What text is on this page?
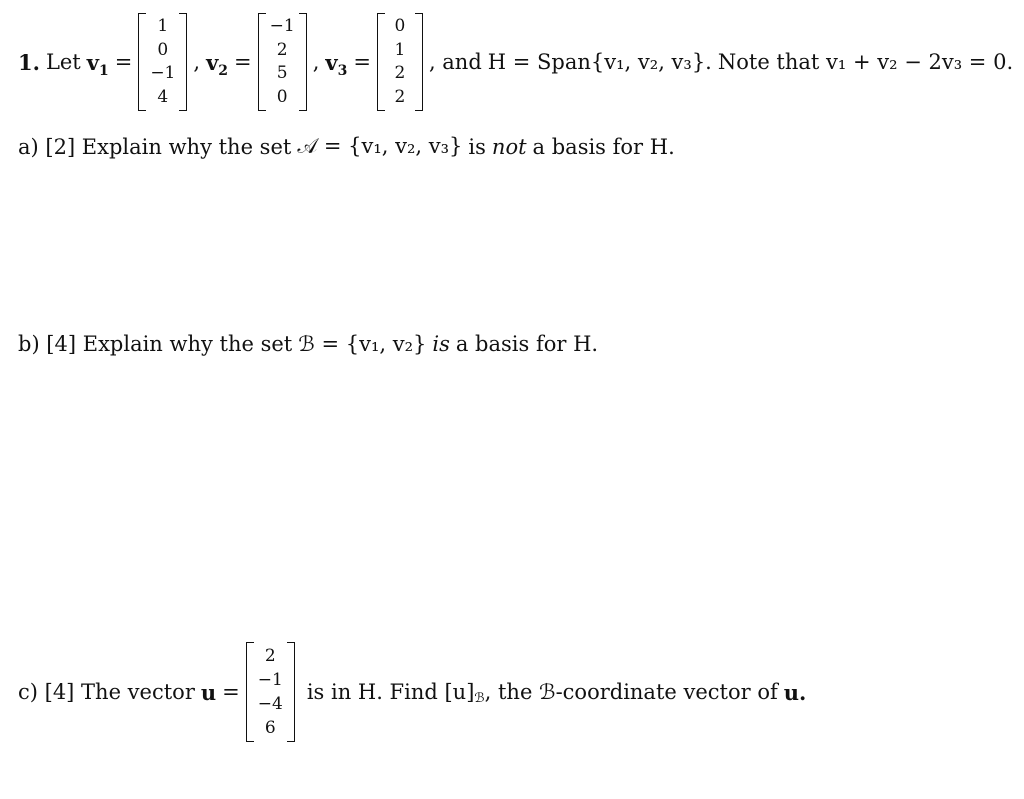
1. Let $v_1$ =
1
0
−1
4
, $v_2$ =
−1
2
5
0
, $v_3$ =
0
1
2
2
, and H = Span{v₁, v₂, v₃}. Note that v₁ + v₂ − 2v₃ = 0.
a) [2] Explain why the set 𝒜 = {v₁, v₂, v₃} is not a basis for H.
b) [4] Explain why the set ℬ = {v₁, v₂} is a basis for H.
c) [4] The vector u =
2
−1
−4
6
is in H. Find [u] ℬ , the ℬ-coordinate vector of u.
